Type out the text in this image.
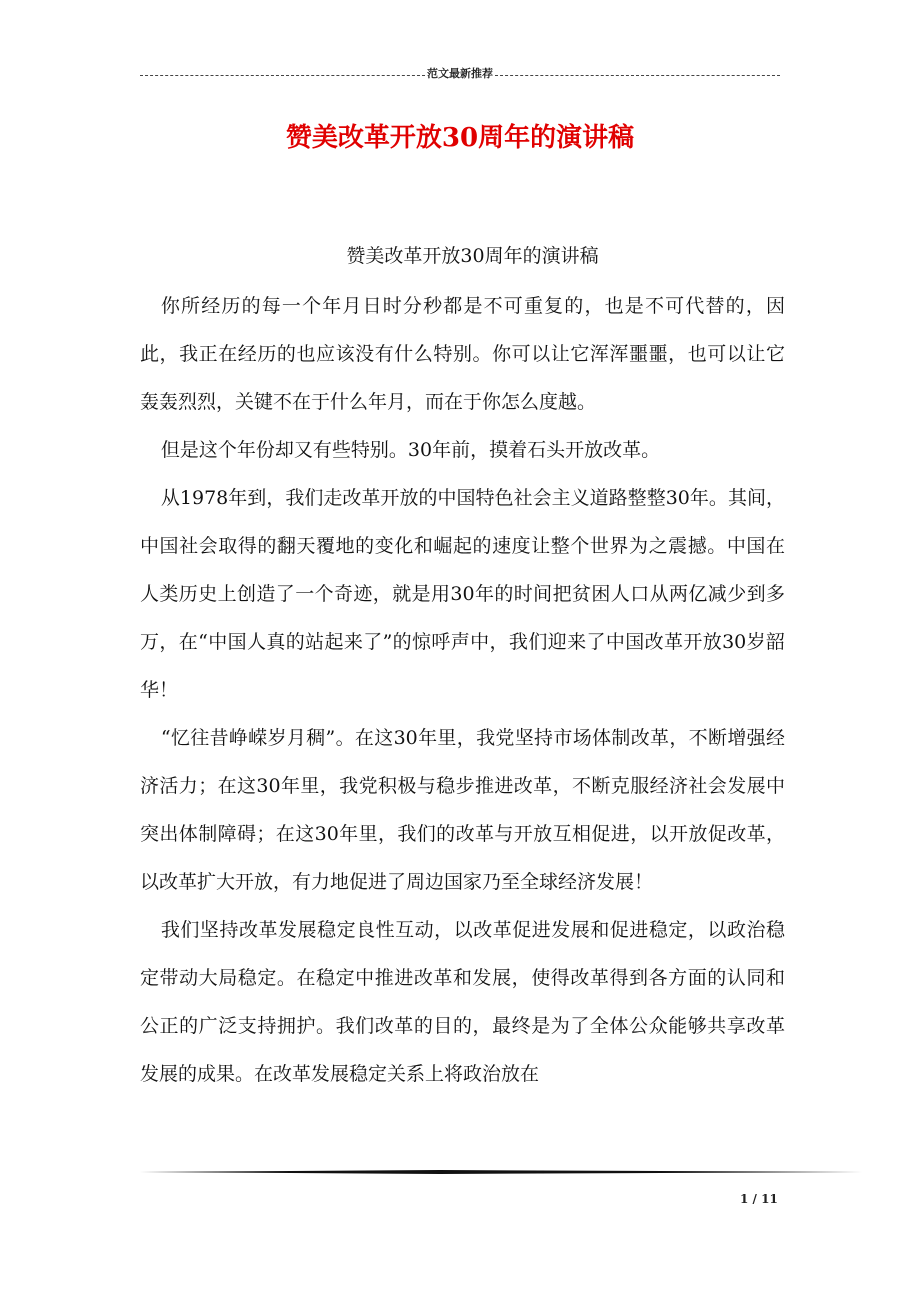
范文最新推荐
赞美改革开放30周年的演讲稿

赞美改革开放30周年的演讲稿

你所经历的每一个年月日时分秒都是不可重复的，也是不可代替的，因此，我正在经历的也应该没有什么特别。你可以让它浑浑噩噩，也可以让它轰轰烈烈，关键不在于什么年月，而在于你怎么度越。

但是这个年份却又有些特别。30年前，摸着石头开放改革。

从1978年到，我们走改革开放的中国特色社会主义道路整整30年。其间，中国社会取得的翻天覆地的变化和崛起的速度让整个世界为之震撼。中国在人类历史上创造了一个奇迹，就是用30年的时间把贫困人口从两亿减少到多万，在“中国人真的站起来了”的惊呼声中，我们迎来了中国改革开放30岁韶华！

“忆往昔峥嵘岁月稠”。在这30年里，我党坚持市场体制改革，不断增强经济活力；在这30年里，我党积极与稳步推进改革，不断克服经济社会发展中突出体制障碍；在这30年里，我们的改革与开放互相促进，以开放促改革，以改革扩大开放，有力地促进了周边国家乃至全球经济发展！

我们坚持改革发展稳定良性互动，以改革促进发展和促进稳定，以政治稳定带动大局稳定。在稳定中推进改革和发展，使得改革得到各方面的认同和公正的广泛支持拥护。我们改革的目的，最终是为了全体公众能够共享改革发展的成果。在改革发展稳定关系上将政治放在

1 / 11
